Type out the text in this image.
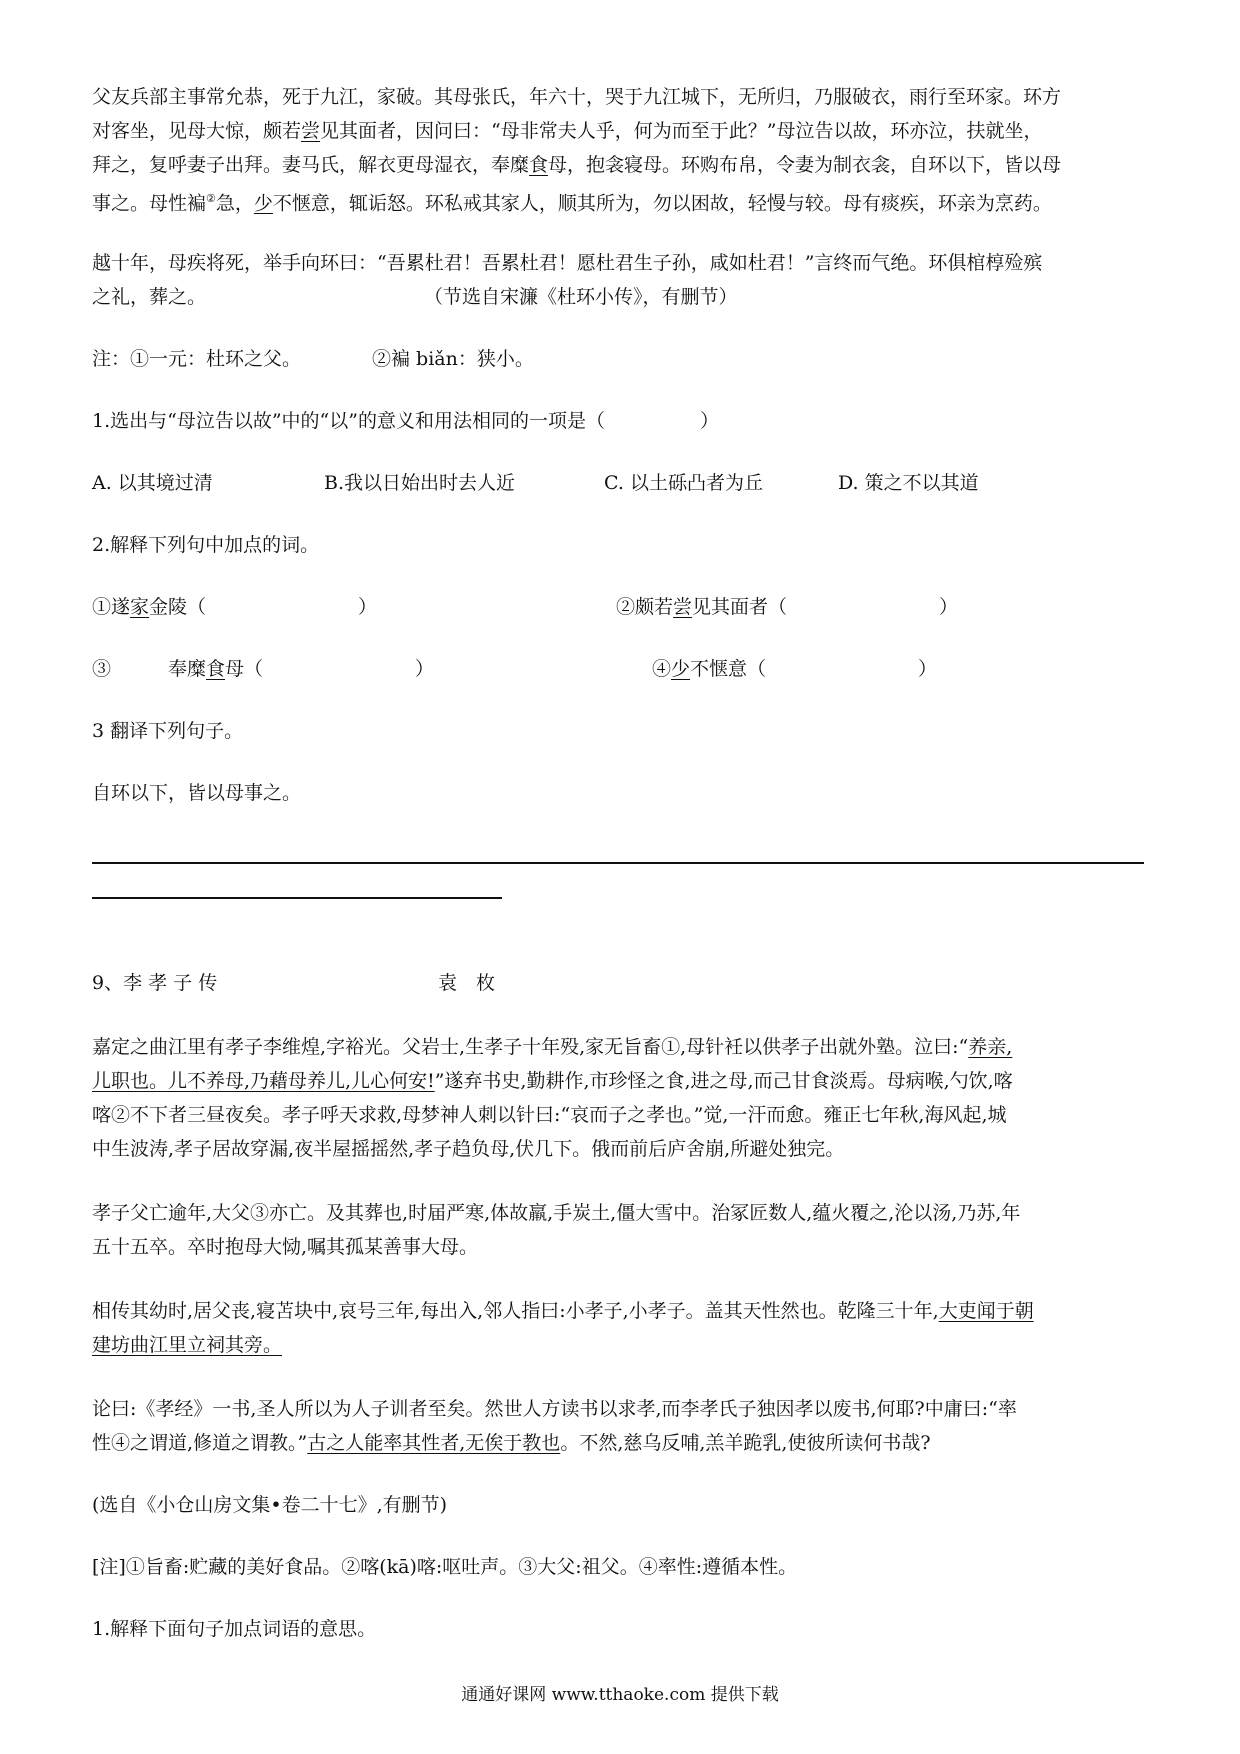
父友兵部主事常允恭，死于九江，家破。其母张氏，年六十，哭于九江城下，无所归，乃服破衣，雨行至环家。环方
对客坐，见母大惊，颇若尝见其面者，因问曰：“母非常夫人乎，何为而至于此？”母泣告以故，环亦泣，扶就坐，
拜之，复呼妻子出拜。妻马氏，解衣更母湿衣，奉糜食母，抱衾寝母。环购布帛，令妻为制衣衾，自环以下，皆以母
事之。母性褊②急，少不惬意，辄诟怒。环私戒其家人，顺其所为，勿以困故，轻慢与较。母有痰疾，环亲为烹药。
越十年，母疾将死，举手向环曰：“吾累杜君！吾累杜君！愿杜君生子孙，咸如杜君！”言终而气绝。环俱棺椁殓殡
之礼，葬之。	（节选自宋濂《杜环小传》，有删节）
注：①一元：杜环之父。	②褊 biǎn：狭小。
1.选出与“母泣告以故”中的“以”的意义和用法相同的一项是（　　　　　）
A. 以其境过清	B.我以日始出时去人近	C. 以土砾凸者为丘	D. 策之不以其道
2.解释下列句中加点的词。
①遂家金陵（　　　　　　　　）	②颇若尝见其面者（　　　　　　　　）
③　　　奉糜食母（　　　　　　　　）	④少不惬意（　　　　　　　　）
3 翻译下列句子。
自环以下，皆以母事之。
9、李 孝 子 传	袁　枚
嘉定之曲江里有孝子李维煌,字裕光。父岩士,生孝子十年殁,家无旨畜①,母针衽以供孝子出就外塾。泣曰:“养亲,
儿职也。儿不养母,乃藉母养儿,儿心何安!”遂弃书史,勤耕作,市珍怪之食,进之母,而己甘食淡焉。母病喉,勺饮,喀
喀②不下者三昼夜矣。孝子呼天求救,母梦神人刺以针曰:“哀而子之孝也。”觉,一汗而愈。雍正七年秋,海风起,城
中生波涛,孝子居故穿漏,夜半屋摇摇然,孝子趋负母,伏几下。俄而前后庐舍崩,所避处独完。
孝子父亡逾年,大父③亦亡。及其葬也,时届严寒,体故羸,手炭土,僵大雪中。治冢匠数人,蕴火覆之,沦以汤,乃苏,年
五十五卒。卒时抱母大恸,嘱其孤某善事大母。
相传其幼时,居父丧,寝苫块中,哀号三年,每出入,邻人指曰:小孝子,小孝子。盖其天性然也。乾隆三十年,大吏闻于朝
建坊曲江里立祠其旁。
论曰:《孝经》一书,圣人所以为人子训者至矣。然世人方读书以求孝,而李孝氏子独因孝以废书,何耶?中庸曰:“率
性④之谓道,修道之谓教。”古之人能率其性者,无俟于教也。不然,慈乌反哺,羔羊跪乳,使彼所读何书哉?
(选自《小仓山房文集•卷二十七》,有删节)
[注]①旨畜:贮藏的美好食品。②喀(kā)喀:呕吐声。③大父:祖父。④率性:遵循本性。
1.解释下面句子加点词语的意思。
通通好课网 www.tthaoke.com 提供下载
